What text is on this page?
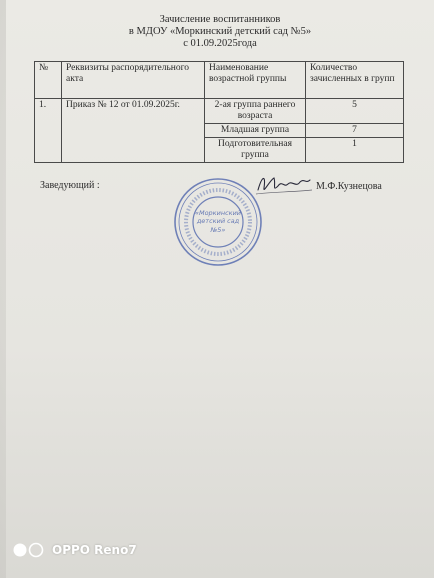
Зачисление воспитанников
в МДОУ «Моркинский детский сад №5»
с 01.09.2025года
№	Реквизиты распорядительного акта	Наименование возрастной группы	Количество зачисленных в групп
1.	Приказ № 12 от 01.09.2025г.	2-ая группа раннего возраста	5
		Младшая группа	7
		Подготовительная группа	1
Заведующий :
«Моркинский
детский сад
№5»
М.Ф.Кузнецова
OPPO Reno7
